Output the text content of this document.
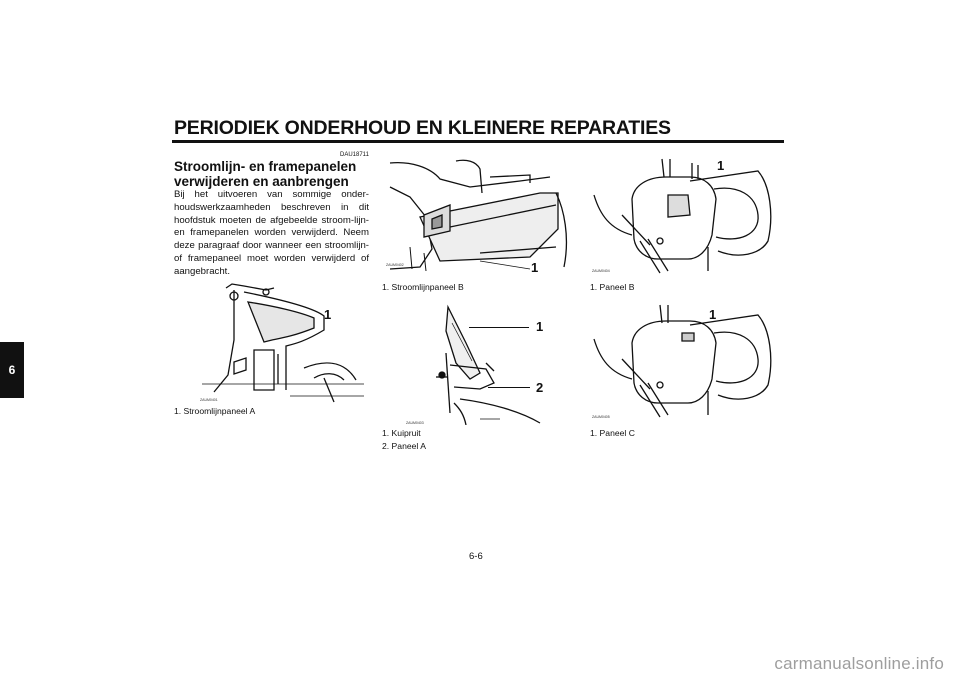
PERIODIEK ONDERHOUD EN KLEINERE REPARATIES
6
DAU18711
Stroomlijn- en framepanelen verwijderen en aanbrengen
Bij het uitvoeren van sommige onder-houdswerkzaamheden beschreven in dit hoofdstuk moeten de afgebeelde stroom-lijn- en framepanelen worden verwijderd. Neem deze paragraaf door wanneer een stroomlijn- of framepaneel moet worden verwijderd of aangebracht.
ZAUM0401
1
1. Stroomlijnpaneel A
ZAUM0402	1
1. Stroomlijnpaneel B
ZAUM0403
1
2
1. Kuipruit
2. Paneel A
ZAUM0404
1
1. Paneel B
ZAUM0405
1
1. Paneel C
6-6
carmanualsonline.info
